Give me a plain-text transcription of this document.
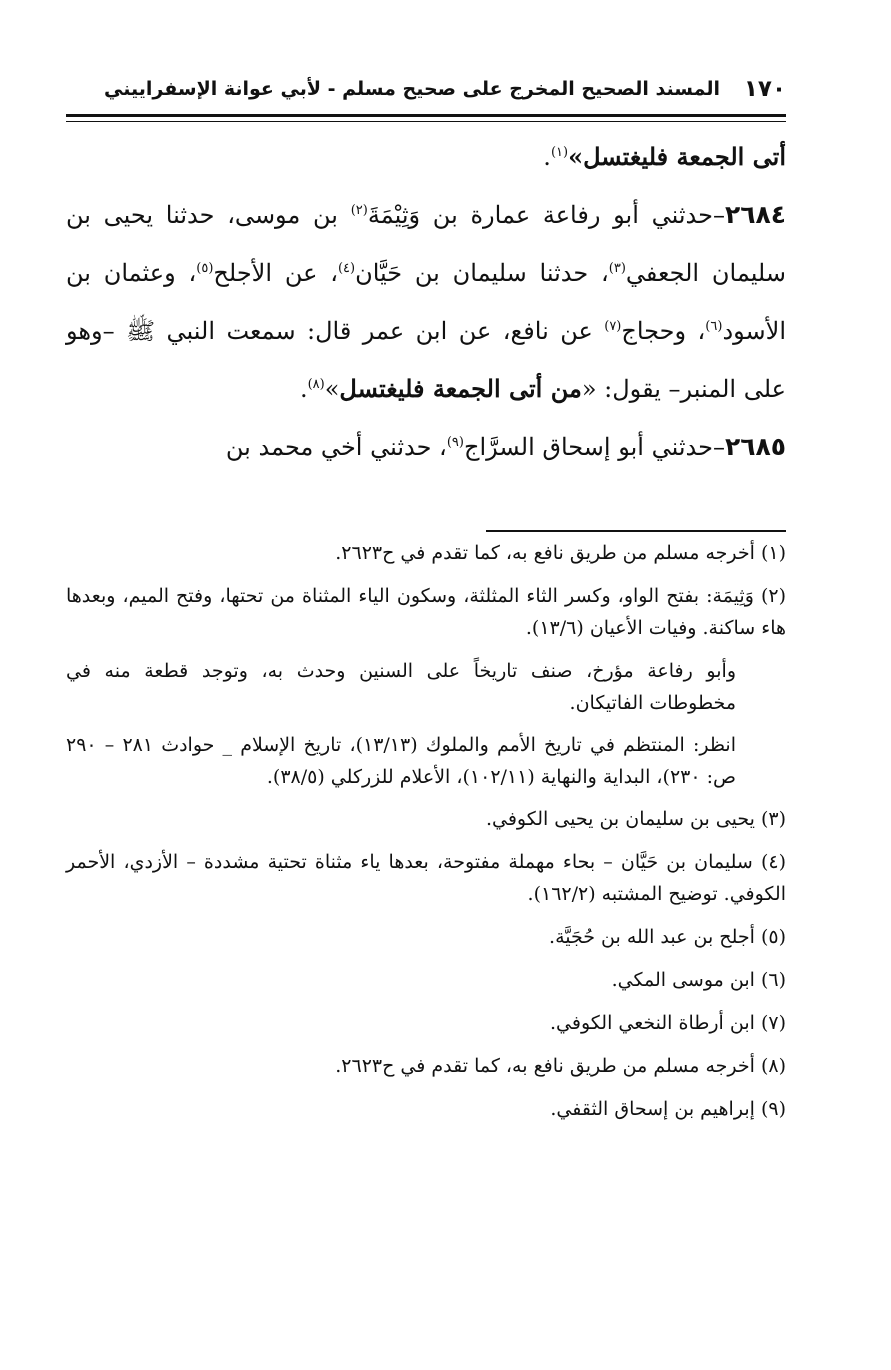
١٧٠
المسند الصحيح المخرج على صحيح مسلم - لأبي عوانة الإسفراييني

أتى الجمعة فليغتسل»$^{(١)}$.

٢٦٨٤–حدثني أبو رفاعة عمارة بن وَثِيْمَةَ$^{(٢)}$ بن موسى، حدثنا يحيى بن سليمان الجعفي$^{(٣)}$، حدثنا سليمان بن حَيَّان$^{(٤)}$، عن الأجلح$^{(٥)}$، وعثمان بن الأسود$^{(٦)}$، وحجاج$^{(٧)}$ عن نافع، عن ابن عمر قال: سمعت النبي ﷺ –وهو على المنبر– يقول: «من أتى الجمعة فليغتسل»$^{(٨)}$.

٢٦٨٥–حدثني أبو إسحاق السرَّاج$^{(٩)}$، حدثني أخي محمد بن

(١) أخرجه مسلم من طريق نافع به، كما تقدم في ح٢٦٢٣.

(٢) وَثِيمَة: بفتح الواو، وكسر الثاء المثلثة، وسكون الياء المثناة من تحتها، وفتح الميم، وبعدها هاء ساكنة. وفيات الأعيان (١٣/٦).

وأبو رفاعة مؤرخ، صنف تاريخاً على السنين وحدث به، وتوجد قطعة منه في مخطوطات الفاتيكان.

انظر: المنتظم في تاريخ الأمم والملوك (١٣/١٣)، تاريخ الإسلام _ حوادث ٢٨١ – ٢٩٠ ص: ٢٣٠)، البداية والنهاية (١٠٢/١١)، الأعلام للزركلي (٣٨/٥).

(٣) يحيى بن سليمان بن يحيى الكوفي.

(٤) سليمان بن حَيَّان – بحاء مهملة مفتوحة، بعدها ياء مثناة تحتية مشددة – الأزدي، الأحمر الكوفي. توضيح المشتبه (١٦٢/٢).

(٥) أجلح بن عبد الله بن حُجَيَّة.

(٦) ابن موسى المكي.

(٧) ابن أرطاة النخعي الكوفي.

(٨) أخرجه مسلم من طريق نافع به، كما تقدم في ح٢٦٢٣.

(٩) إبراهيم بن إسحاق الثقفي.
